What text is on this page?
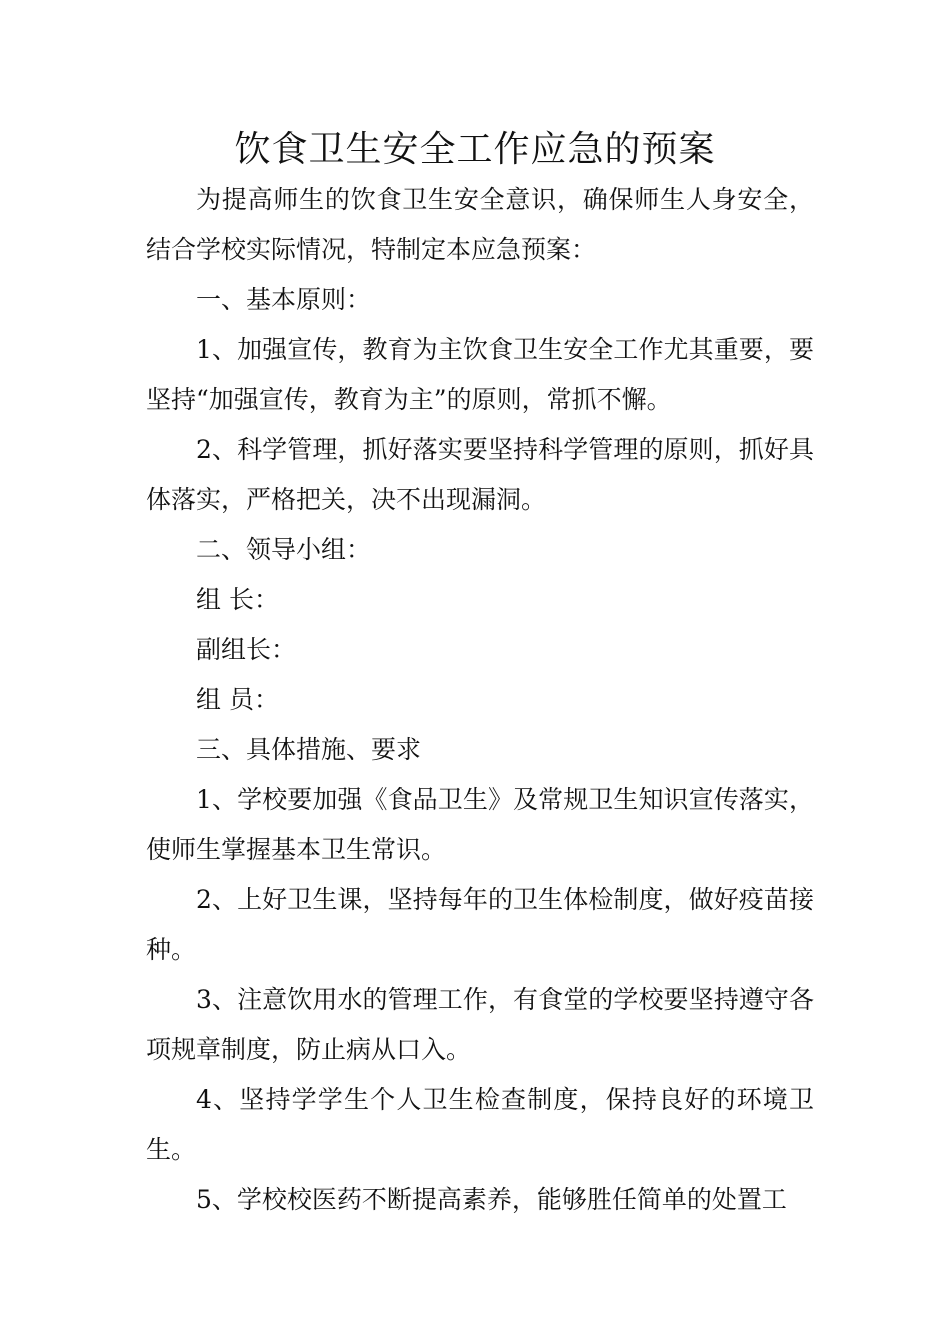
饮食卫生安全工作应急的预案

为提高师生的饮食卫生安全意识，确保师生人身安全，结合学校实际情况，特制定本应急预案：

一、基本原则：

1、加强宣传，教育为主饮食卫生安全工作尤其重要，要坚持“加强宣传，教育为主”的原则，常抓不懈。

2、科学管理，抓好落实要坚持科学管理的原则，抓好具体落实，严格把关，决不出现漏洞。

二、领导小组：

组 长：

副组长：

组 员：

三、具体措施、要求

1、学校要加强《食品卫生》及常规卫生知识宣传落实，使师生掌握基本卫生常识。

2、上好卫生课，坚持每年的卫生体检制度，做好疫苗接种。

3、注意饮用水的管理工作，有食堂的学校要坚持遵守各项规章制度，防止病从口入。

4、坚持学学生个人卫生检查制度，保持良好的环境卫生。

5、学校校医药不断提高素养，能够胜任简单的处置工
